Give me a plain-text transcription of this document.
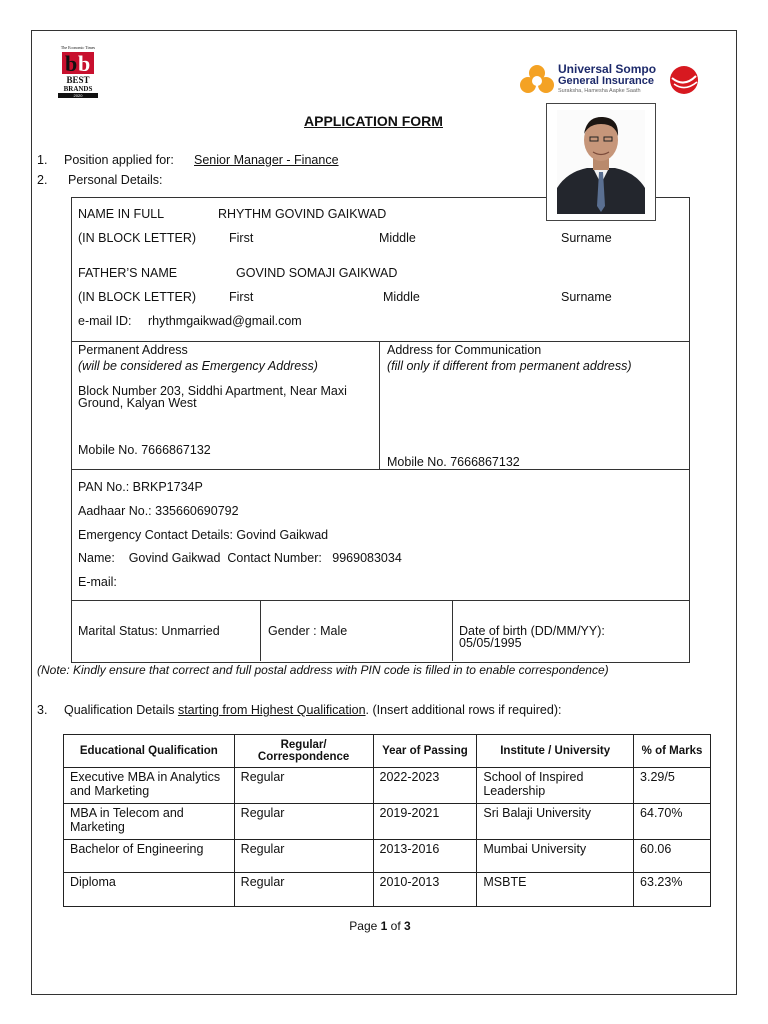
The Economic Times
b b
BEST
BRANDS
2020
Universal Sompo
General Insurance
Suraksha, Hamesha Aapke Saath
APPLICATION FORM
1. Position applied for: Senior Manager - Finance
2. Personal Details:
NAME IN FULL	RHYTHM GOVIND GAIKWAD
(IN BLOCK LETTER)	First	Middle	Surname
FATHER’S NAME	GOVIND SOMAJI GAIKWAD
(IN BLOCK LETTER)	First	Middle	Surname
e-mail ID: rhythmgaikwad@gmail.com
Permanent Address
(will be considered as Emergency Address)
Block Number 203, Siddhi Apartment, Near Maxi
Ground, Kalyan West
Mobile No. 7666867132
Address for Communication
(fill only if different from permanent address)
Mobile No. 7666867132
PAN No.: BRKP1734P
Aadhaar No.: 335660690792
Emergency Contact Details: Govind Gaikwad
Name:    Govind Gaikwad  Contact Number:   9969083034
E-mail:
Marital Status: Unmarried	Gender : Male	Date of birth (DD/MM/YY):
05/05/1995
(Note: Kindly ensure that correct and full postal address with PIN code is filled in to enable correspondence)
3. Qualification Details starting from Highest Qualification. (Insert additional rows if required):
Educational Qualification	Regular/ Correspondence	Year of Passing	Institute / University	% of Marks
Executive MBA in Analytics and Marketing	Regular	2022-2023	School of Inspired Leadership	3.29/5
MBA in Telecom and Marketing	Regular	2019-2021	Sri Balaji University	64.70%
Bachelor of Engineering	Regular	2013-2016	Mumbai University	60.06
Diploma	Regular	2010-2013	MSBTE	63.23%
Page 1 of 3
